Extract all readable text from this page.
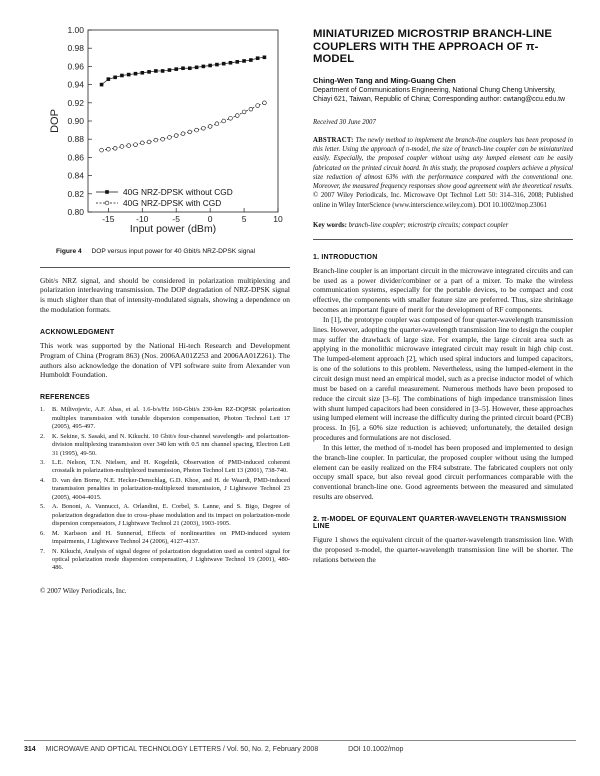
0.80
0.82
0.84
0.86
0.88
0.90
0.92
0.94
0.96
0.98
1.00
-15	-10	-5	0	5	10
Input power (dBm)
DOP
40G NRZ-DPSK without CGD
40G NRZ-DPSK with CGD
Figure 4 DOP versus input power for 40 Gbit/s NRZ-DPSK signal

Gbit/s NRZ signal, and should be considered in polarization multiplexing and polarization interleaving transmission. The DOP degradation of NRZ-DPSK signal is much slighter than that of intensity-modulated signals, showing a dependence on the modulation formats.

ACKNOWLEDGMENT

This work was supported by the National Hi-tech Research and Development Program of China (Program 863) (Nos. 2006AA01Z253 and 2006AA01Z261). The authors also acknowledge the donation of VPI software suite from Alexander von Humboldt Foundation.

REFERENCES
1. B. Milivojevic, A.F. Abas, et al. 1.6-b/s/Hz 160-Gbit/s 230-km RZ-DQPSK polarization multiplex transmission with tunable dispersion compensation, Photon Technol Lett 17 (2005), 495-497.
2. K. Sekine, S. Sasaki, and N. Kikuchi. 10 Gbit/s four-channel wavelength- and polarization-division multiplexing transmission over 340 km with 0.5 nm channel spacing, Electron Lett 31 (1995), 49-50.
3. L.E. Nelson, T.N. Nielsen, and H. Kogelnik, Observation of PMD-induced coherent crosstalk in polarization-multiplexed transmission, Photon Technol Lett 13 (2001), 738-740.
4. D. van den Borne, N.E. Hecker-Denschlag, G.D. Khoe, and H. de Waardt, PMD-induced transmission penalties in polarization-multiplexed transmission, J Lightwave Technol 23 (2005), 4004-4015.
5. A. Bononi, A. Vannucci, A. Orlandini, E. Corbel, S. Lanne, and S. Bigo, Degree of polarization degradation due to cross-phase modulation and its impact on polarization-mode dispersion compensators, J Lightwave Technol 21 (2003), 1903-1905.
6. M. Karlsson and H. Sunnerud, Effects of nonlinearities on PMD-induced system impairments, J Lightwave Technol 24 (2006), 4127-4137.
7. N. Kikuchi, Analysis of signal degree of polarization degradation used as control signal for optical polarization mode dispersion compensation, J Lightwave Technol 19 (2001), 480-486.
© 2007 Wiley Periodicals, Inc.
MINIATURIZED MICROSTRIP BRANCH-LINE COUPLERS WITH THE APPROACH OF π-MODEL
Ching-Wen Tang and Ming-Guang Chen

Department of Communications Engineering, National Chung Cheng University, Chiayi 621, Taiwan, Republic of China; Corresponding author: cwtang@ccu.edu.tw

Received 30 June 2007

ABSTRACT: The newly method to implement the branch-line couplers has been proposed in this letter. Using the approach of π-model, the size of branch-line coupler can be miniaturized easily. Especially, the proposed coupler without using any lumped element can be easily fabricated on the printed circuit board. In this study, the proposed couplers achieve a physical size reduction of almost 63% with the performance compared with the conventional one. Moreover, the measured frequency responses show good agreement with the theoretical results. © 2007 Wiley Periodicals, Inc. Microwave Opt Technol Lett 50: 314–316, 2008; Published online in Wiley InterScience (www.interscience.wiley.com). DOI 10.1002/mop.23061

Key words: branch-line coupler; microstrip circuits; compact coupler

1. INTRODUCTION

Branch-line coupler is an important circuit in the microwave integrated circuits and can be used as a power divider/combiner or a part of a mixer. To make the wireless communication systems, especially for the portable devices, to be compact and cost effective, the components with smaller feature size are preferred. Thus, size shrinkage becomes an important figure of merit for the development of RF components.

In [1], the prototype coupler was composed of four quarter-wavelength transmission lines. However, adopting the quarter-wavelength transmission line to design the coupler may suffer the drawback of large size. For example, the large circuit area such as applying in the monolithic microwave integrated circuit may result in high chip cost. The lumped-element approach [2], which used spiral inductors and lumped capacitors, is one of the solutions to this problem. Nevertheless, using the lumped-element in the circuit design must need an empirical model, such as a precise inductor model of which must be based on a careful measurement. Numerous methods have been proposed to reduce the circuit size [3–6]. The combinations of high impedance transmission lines with shunt lumped capacitors had been considered in [3–5]. However, these approaches using lumped element will increase the difficulty during the printed circuit board (PCB) process. In [6], a 60% size reduction is achieved; unfortunately, the detailed design procedures and formulations are not disclosed.

In this letter, the method of π-model has been proposed and implemented to design the branch-line coupler. In particular, the proposed coupler without using the lumped element can be easily realized on the FR4 substrate. The fabricated couplers not only occupy small space, but also reveal good circuit performances comparable with the conventional branch-line one. Good agreements between the measured and simulated results are observed.

2. π-MODEL OF EQUIVALENT QUARTER-WAVELENGTH TRANSMISSION LINE

Figure 1 shows the equivalent circuit of the quarter-wavelength transmission line. With the proposed π-model, the quarter-wavelength transmission line will be shorter. The relations between the

314 MICROWAVE AND OPTICAL TECHNOLOGY LETTERS / Vol. 50, No. 2, February 2008	DOI 10.1002/mop
